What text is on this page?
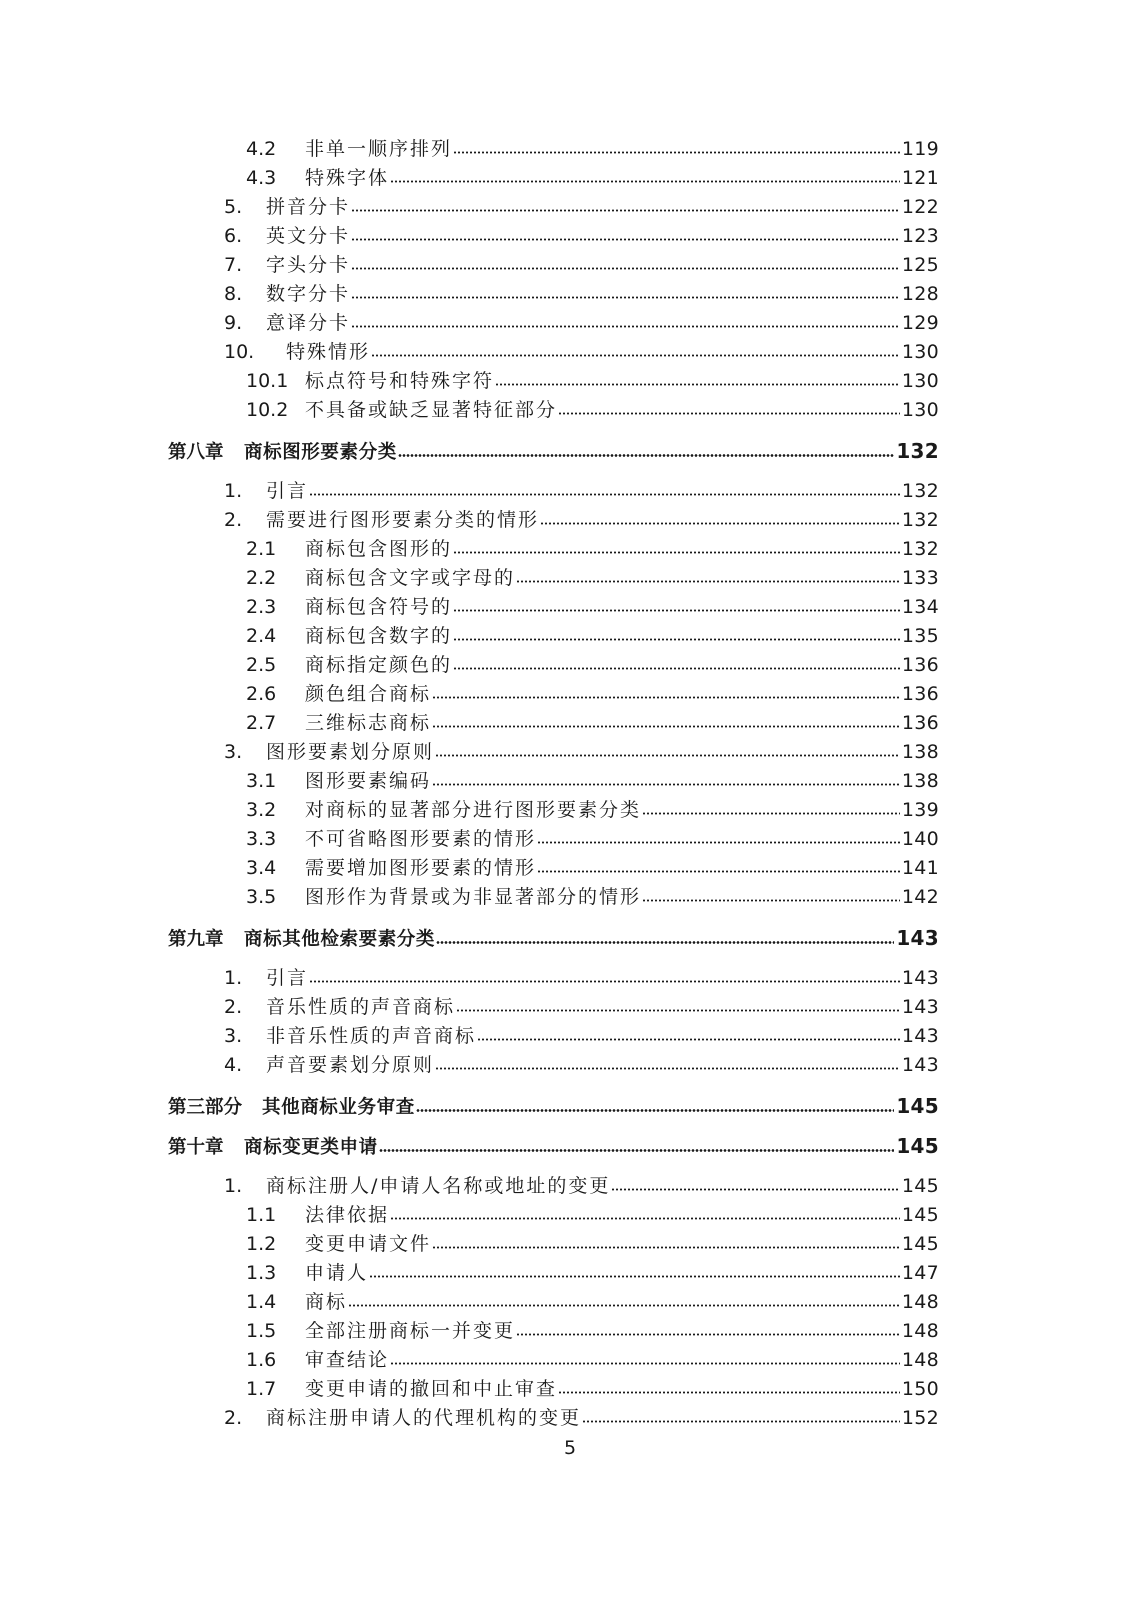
4.2	非单一顺序排列	119
4.3	特殊字体	121
5.	拼音分卡	122
6.	英文分卡	123
7.	字头分卡	125
8.	数字分卡	128
9.	意译分卡	129
10.	特殊情形	130
10.1 标点符号和特殊字符	130
10.2 不具备或缺乏显著特征部分	130
第八章	商标图形要素分类	132
1.	引言	132
2.	需要进行图形要素分类的情形	132
2.1	商标包含图形的	132
2.2	商标包含文字或字母的	133
2.3	商标包含符号的	134
2.4	商标包含数字的	135
2.5	商标指定颜色的	136
2.6	颜色组合商标	136
2.7	三维标志商标	136
3.	图形要素划分原则	138
3.1	图形要素编码	138
3.2	对商标的显著部分进行图形要素分类	139
3.3	不可省略图形要素的情形	140
3.4	需要增加图形要素的情形	141
3.5	图形作为背景或为非显著部分的情形	142
第九章	商标其他检索要素分类	143
1.	引言	143
2.	音乐性质的声音商标	143
3.	非音乐性质的声音商标	143
4.	声音要素划分原则	143
第三部分	其他商标业务审查	145
第十章	商标变更类申请	145
1.	商标注册人/申请人名称或地址的变更	145
1.1	法律依据	145
1.2	变更申请文件	145
1.3	申请人	147
1.4	商标	148
1.5	全部注册商标一并变更	148
1.6	审查结论	148
1.7	变更申请的撤回和中止审查	150
2.	商标注册申请人的代理机构的变更	152
5
